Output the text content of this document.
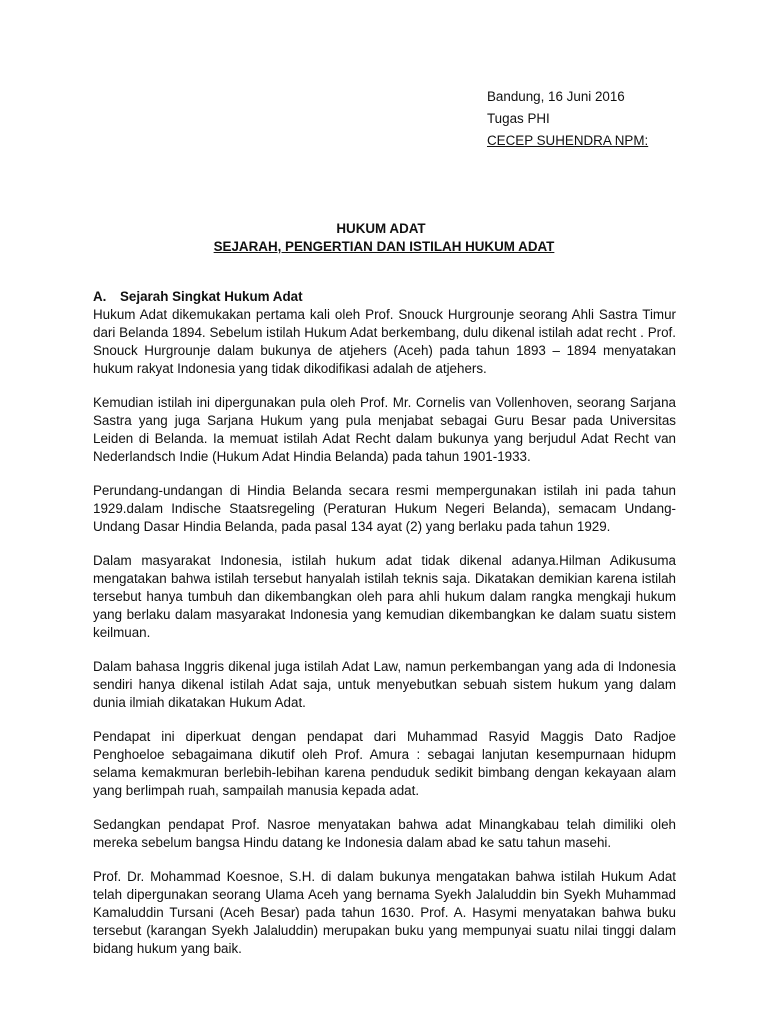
Bandung, 16 Juni 2016
Tugas PHI
CECEP SUHENDRA NPM:
HUKUM ADAT
SEJARAH, PENGERTIAN DAN ISTILAH HUKUM ADAT
A.	Sejarah Singkat Hukum Adat

Hukum Adat dikemukakan pertama kali oleh Prof. Snouck Hurgrounje seorang Ahli Sastra Timur dari Belanda 1894. Sebelum istilah Hukum Adat berkembang, dulu dikenal istilah adat recht . Prof. Snouck Hurgrounje dalam bukunya de atjehers (Aceh) pada tahun 1893 – 1894 menyatakan hukum rakyat Indonesia yang tidak dikodifikasi adalah de atjehers.

Kemudian istilah ini dipergunakan pula oleh Prof. Mr. Cornelis van Vollenhoven, seorang Sarjana Sastra yang juga Sarjana Hukum yang pula menjabat sebagai Guru Besar pada Universitas Leiden di Belanda. Ia memuat istilah Adat Recht dalam bukunya yang berjudul Adat Recht van Nederlandsch Indie (Hukum Adat Hindia Belanda) pada tahun 1901-1933.

Perundang-undangan di Hindia Belanda secara resmi mempergunakan istilah ini pada tahun 1929.dalam Indische Staatsregeling (Peraturan Hukum Negeri Belanda), semacam Undang-Undang Dasar Hindia Belanda, pada pasal 134 ayat (2) yang berlaku pada tahun 1929.

Dalam masyarakat Indonesia, istilah hukum adat tidak dikenal adanya.Hilman Adikusuma mengatakan bahwa istilah tersebut hanyalah istilah teknis saja. Dikatakan demikian karena istilah tersebut hanya tumbuh dan dikembangkan oleh para ahli hukum dalam rangka mengkaji hukum yang berlaku dalam masyarakat Indonesia yang kemudian dikembangkan ke dalam suatu sistem keilmuan.

Dalam bahasa Inggris dikenal juga istilah Adat Law, namun perkembangan yang ada di Indonesia sendiri hanya dikenal istilah Adat saja, untuk menyebutkan sebuah sistem hukum yang dalam dunia ilmiah dikatakan Hukum Adat.

Pendapat ini diperkuat dengan pendapat dari Muhammad Rasyid Maggis Dato Radjoe Penghoeloe sebagaimana dikutif oleh Prof. Amura : sebagai lanjutan kesempurnaan hidupm selama kemakmuran berlebih-lebihan karena penduduk sedikit bimbang dengan kekayaan alam yang berlimpah ruah, sampailah manusia kepada adat.

Sedangkan pendapat Prof. Nasroe menyatakan bahwa adat Minangkabau telah dimiliki oleh mereka sebelum bangsa Hindu datang ke Indonesia dalam abad ke satu tahun masehi.

Prof. Dr. Mohammad Koesnoe, S.H. di dalam bukunya mengatakan bahwa istilah Hukum Adat telah dipergunakan seorang Ulama Aceh yang bernama Syekh Jalaluddin bin Syekh Muhammad Kamaluddin Tursani (Aceh Besar) pada tahun 1630. Prof. A. Hasymi menyatakan bahwa buku tersebut (karangan Syekh Jalaluddin) merupakan buku yang mempunyai suatu nilai tinggi dalam bidang hukum yang baik.
